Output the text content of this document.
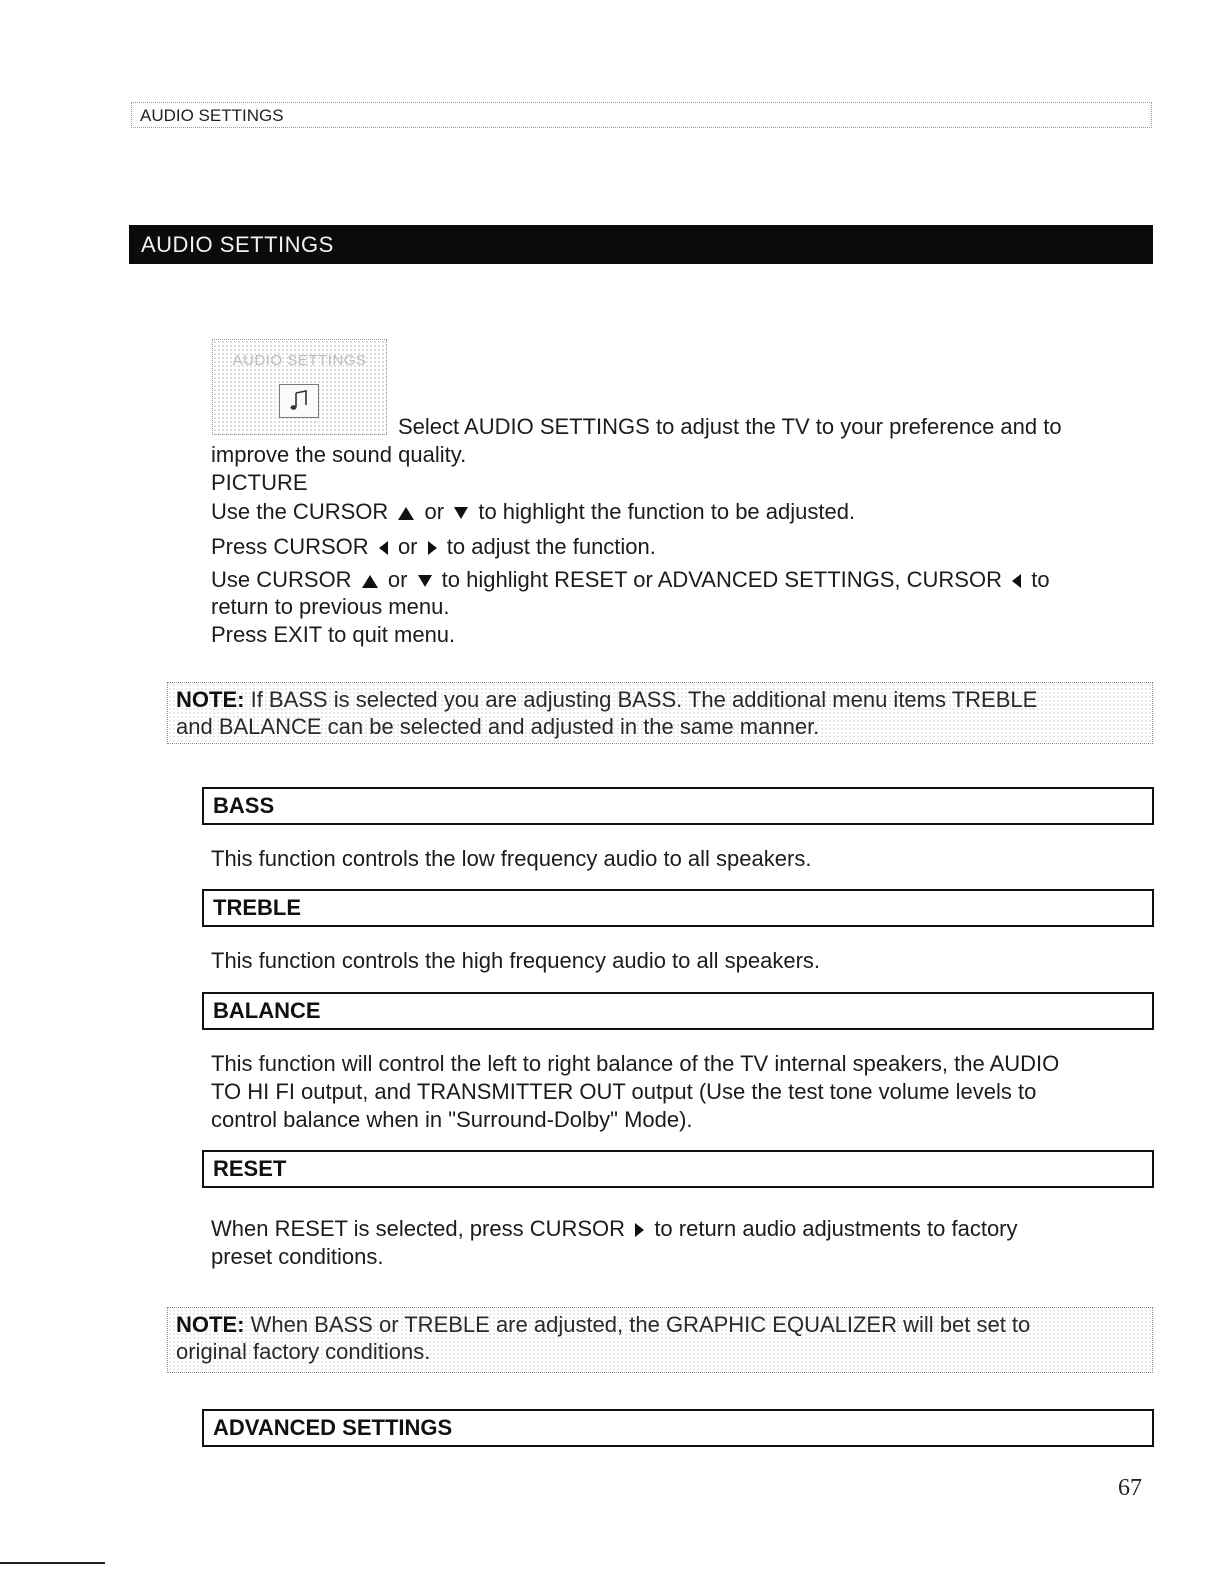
AUDIO SETTINGS
AUDIO SETTINGS
AUDIO SETTINGS
Select AUDIO SETTINGS to adjust the TV to your preference and to
improve the sound quality.
PICTURE
Use the CURSOR or to highlight the function to be adjusted.
Press CURSOR or to adjust the function.
Use CURSOR or to highlight RESET or ADVANCED SETTINGS, CURSOR to
return to previous menu.
Press EXIT to quit menu.
NOTE: If BASS is selected you are adjusting BASS. The additional menu items TREBLE
and BALANCE can be selected and adjusted in the same manner.
BASS
This function controls the low frequency audio to all speakers.
TREBLE
This function controls the high frequency audio to all speakers.
BALANCE
This function will control the left to right balance of the TV internal speakers, the AUDIO
TO HI FI output, and TRANSMITTER OUT output (Use the test tone volume levels to
control balance when in "Surround-Dolby" Mode).
RESET
When RESET is selected, press CURSOR to return audio adjustments to factory
preset conditions.
NOTE: When BASS or TREBLE are adjusted, the GRAPHIC EQUALIZER will bet set to
original factory conditions.
ADVANCED SETTINGS
67
